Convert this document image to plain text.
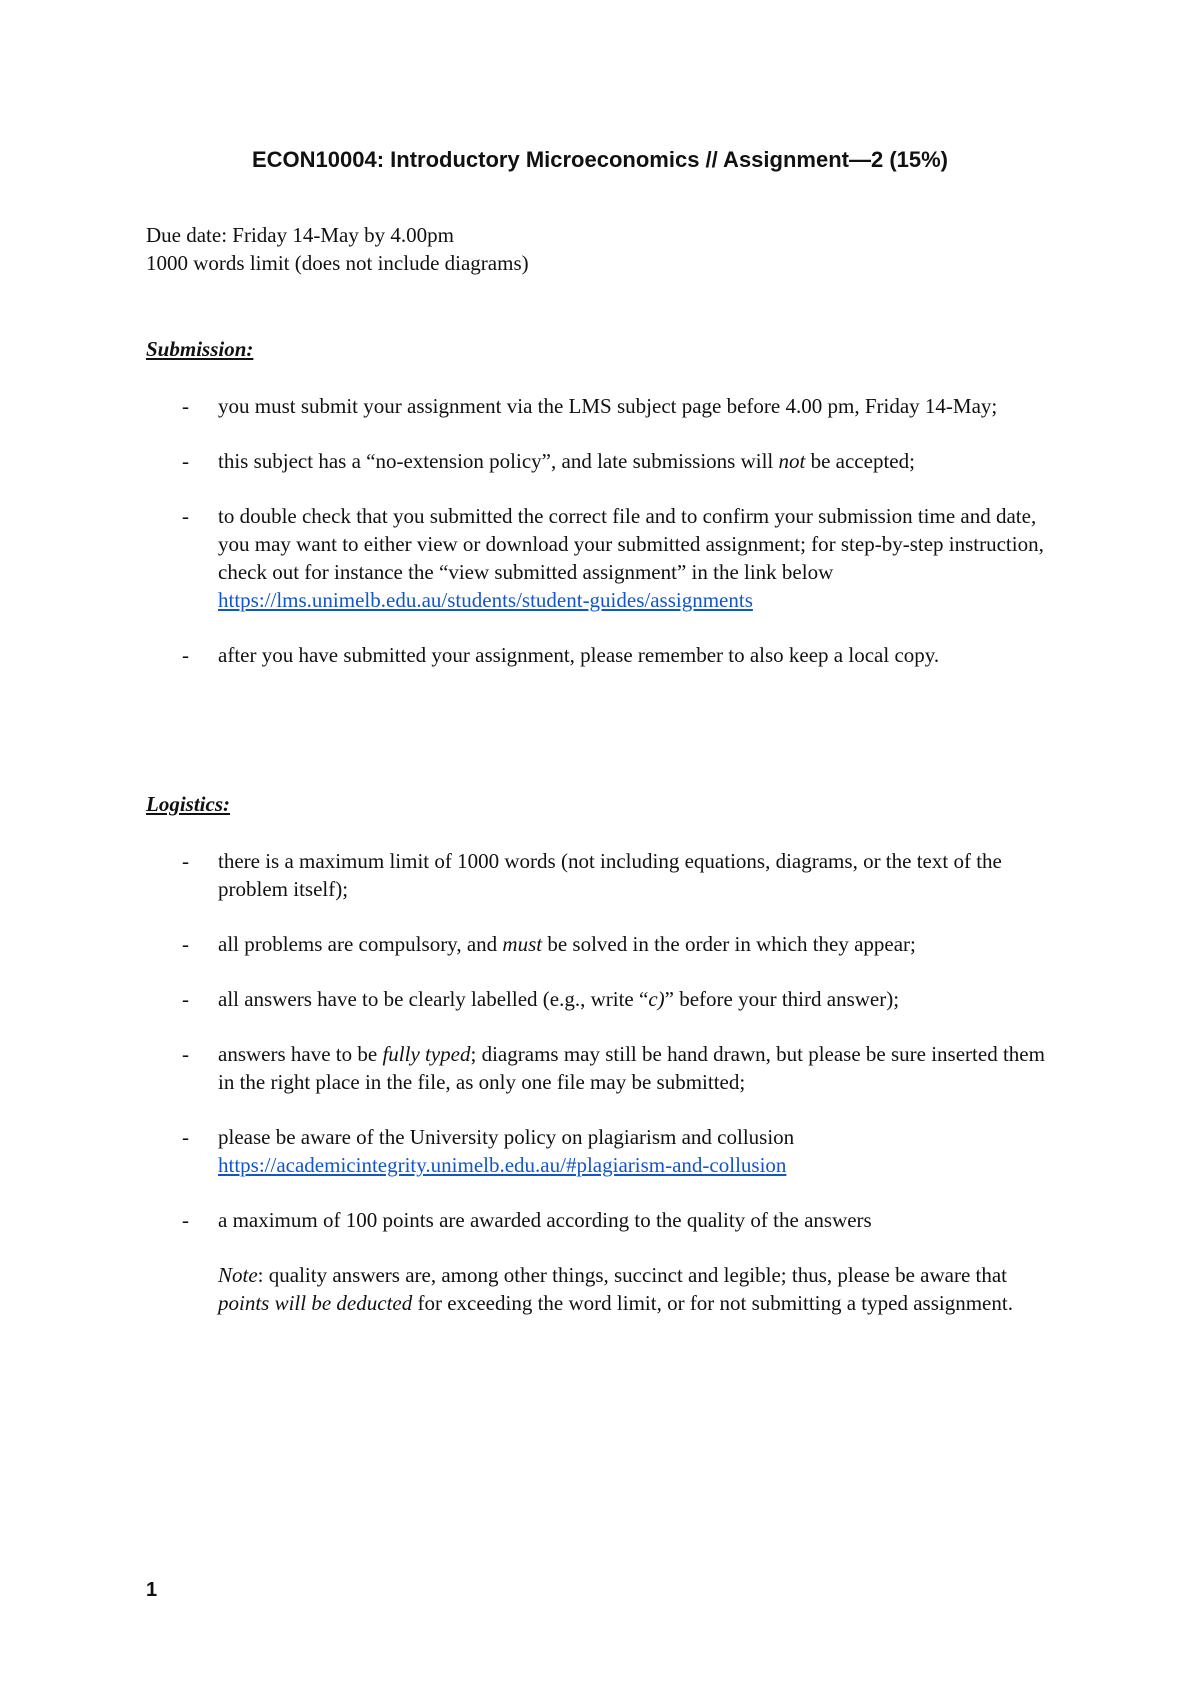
ECON10004: Introductory Microeconomics // Assignment—2 (15%)
Due date: Friday 14-May by 4.00pm
1000 words limit (does not include diagrams)
Submission:
- you must submit your assignment via the LMS subject page before 4.00 pm, Friday 14-May;

- this subject has a “no-extension policy”, and late submissions will not be accepted;

- to double check that you submitted the correct file and to confirm your submission time and date, you may want to either view or download your submitted assignment; for step-by-step instruction, check out for instance the “view submitted assignment” in the link below
https://lms.unimelb.edu.au/students/student-guides/assignments

- after you have submitted your assignment, please remember to also keep a local copy.

Logistics:
- there is a maximum limit of 1000 words (not including equations, diagrams, or the text of the problem itself);

- all problems are compulsory, and must be solved in the order in which they appear;

- all answers have to be clearly labelled (e.g., write “c)” before your third answer);

- answers have to be fully typed; diagrams may still be hand drawn, but please be sure inserted them in the right place in the file, as only one file may be submitted;

- please be aware of the University policy on plagiarism and collusion
https://academicintegrity.unimelb.edu.au/#plagiarism-and-collusion

- a maximum of 100 points are awarded according to the quality of the answers

Note: quality answers are, among other things, succinct and legible; thus, please be aware that points will be deducted for exceeding the word limit, or for not submitting a typed assignment.

1
